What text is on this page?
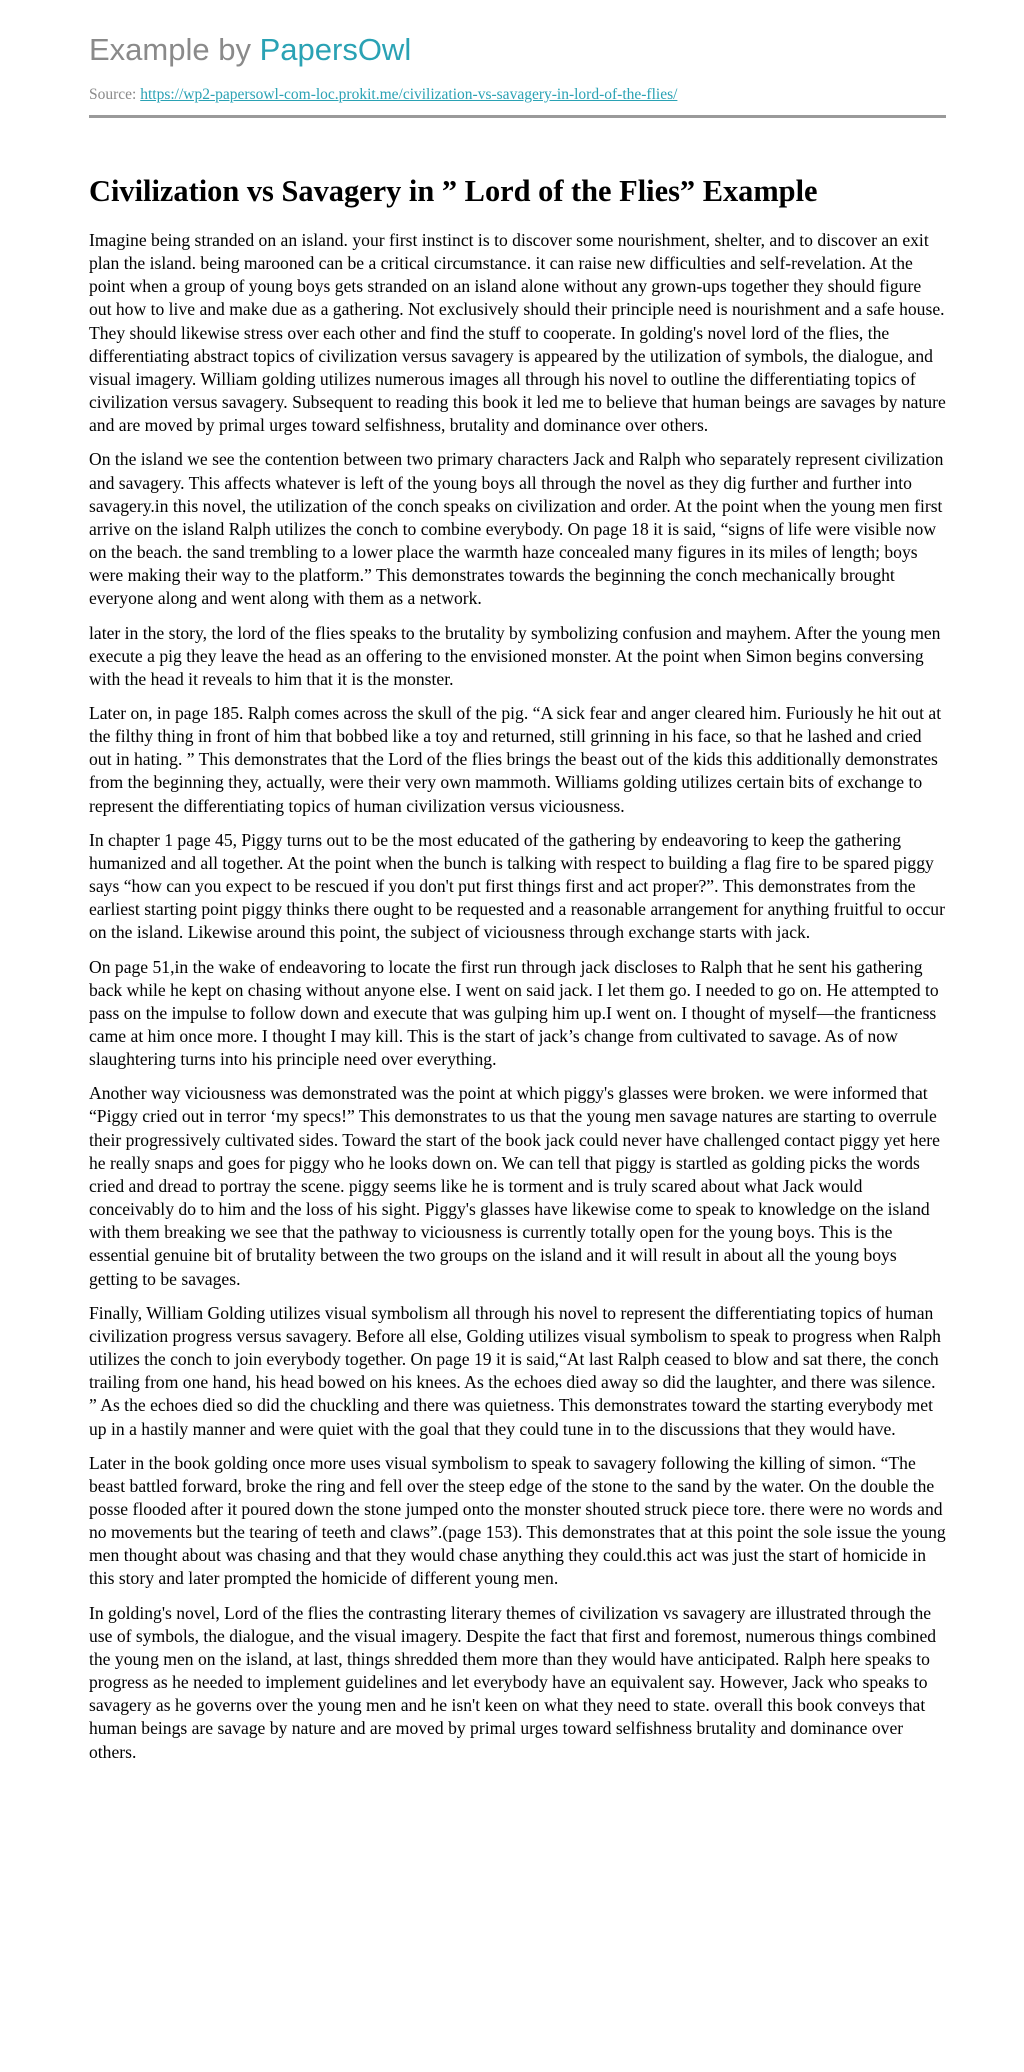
Example by PapersOwl
Source: https://wp2-papersowl-com-loc.prokit.me/civilization-vs-savagery-in-lord-of-the-flies/
Civilization vs Savagery in ” Lord of the Flies” Example

Imagine being stranded on an island. your first instinct is to discover some nourishment, shelter, and to discover an exit plan the island. being marooned can be a critical circumstance. it can raise new difficulties and self-revelation. At the point when a group of young boys gets stranded on an island alone without any grown-ups together they should figure out how to live and make due as a gathering. Not exclusively should their principle need is nourishment and a safe house. They should likewise stress over each other and find the stuff to cooperate. In golding's novel lord of the flies, the differentiating abstract topics of civilization versus savagery is appeared by the utilization of symbols, the dialogue, and visual imagery. William golding utilizes numerous images all through his novel to outline the differentiating topics of civilization versus savagery. Subsequent to reading this book it led me to believe that human beings are savages by nature and are moved by primal urges toward selfishness, brutality and dominance over others.

On the island we see the contention between two primary characters Jack and Ralph who separately represent civilization and savagery. This affects whatever is left of the young boys all through the novel as they dig further and further into savagery.in this novel, the utilization of the conch speaks on civilization and order. At the point when the young men first arrive on the island Ralph utilizes the conch to combine everybody. On page 18 it is said, “signs of life were visible now on the beach. the sand trembling to a lower place the warmth haze concealed many figures in its miles of length; boys were making their way to the platform.” This demonstrates towards the beginning the conch mechanically brought everyone along and went along with them as a network.

later in the story, the lord of the flies speaks to the brutality by symbolizing confusion and mayhem. After the young men execute a pig they leave the head as an offering to the envisioned monster. At the point when Simon begins conversing with the head it reveals to him that it is the monster.

Later on, in page 185. Ralph comes across the skull of the pig. “A sick fear and anger cleared him. Furiously he hit out at the filthy thing in front of him that bobbed like a toy and returned, still grinning in his face, so that he lashed and cried out in hating. ” This demonstrates that the Lord of the flies brings the beast out of the kids this additionally demonstrates from the beginning they, actually, were their very own mammoth. Williams golding utilizes certain bits of exchange to represent the differentiating topics of human civilization versus viciousness.

In chapter 1 page 45, Piggy turns out to be the most educated of the gathering by endeavoring to keep the gathering humanized and all together. At the point when the bunch is talking with respect to building a flag fire to be spared piggy says “how can you expect to be rescued if you don't put first things first and act proper?”. This demonstrates from the earliest starting point piggy thinks there ought to be requested and a reasonable arrangement for anything fruitful to occur on the island. Likewise around this point, the subject of viciousness through exchange starts with jack.

On page 51,in the wake of endeavoring to locate the first run through jack discloses to Ralph that he sent his gathering back while he kept on chasing without anyone else. I went on said jack. I let them go. I needed to go on. He attempted to pass on the impulse to follow down and execute that was gulping him up.I went on. I thought of myself—the franticness came at him once more. I thought I may kill. This is the start of jack’s change from cultivated to savage. As of now slaughtering turns into his principle need over everything.

Another way viciousness was demonstrated was the point at which piggy's glasses were broken. we were informed that “Piggy cried out in terror ‘my specs!” This demonstrates to us that the young men savage natures are starting to overrule their progressively cultivated sides. Toward the start of the book jack could never have challenged contact piggy yet here he really snaps and goes for piggy who he looks down on. We can tell that piggy is startled as golding picks the words cried and dread to portray the scene. piggy seems like he is torment and is truly scared about what Jack would conceivably do to him and the loss of his sight. Piggy's glasses have likewise come to speak to knowledge on the island with them breaking we see that the pathway to viciousness is currently totally open for the young boys. This is the essential genuine bit of brutality between the two groups on the island and it will result in about all the young boys getting to be savages.

Finally, William Golding utilizes visual symbolism all through his novel to represent the differentiating topics of human civilization progress versus savagery. Before all else, Golding utilizes visual symbolism to speak to progress when Ralph utilizes the conch to join everybody together. On page 19 it is said,“At last Ralph ceased to blow and sat there, the conch trailing from one hand, his head bowed on his knees. As the echoes died away so did the laughter, and there was silence. ” As the echoes died so did the chuckling and there was quietness. This demonstrates toward the starting everybody met up in a hastily manner and were quiet with the goal that they could tune in to the discussions that they would have.

Later in the book golding once more uses visual symbolism to speak to savagery following the killing of simon. “The beast battled forward, broke the ring and fell over the steep edge of the stone to the sand by the water. On the double the posse flooded after it poured down the stone jumped onto the monster shouted struck piece tore. there were no words and no movements but the tearing of teeth and claws”.(page 153). This demonstrates that at this point the sole issue the young men thought about was chasing and that they would chase anything they could.this act was just the start of homicide in this story and later prompted the homicide of different young men.

In golding's novel, Lord of the flies the contrasting literary themes of civilization vs savagery are illustrated through the use of symbols, the dialogue, and the visual imagery. Despite the fact that first and foremost, numerous things combined the young men on the island, at last, things shredded them more than they would have anticipated. Ralph here speaks to progress as he needed to implement guidelines and let everybody have an equivalent say. However, Jack who speaks to savagery as he governs over the young men and he isn't keen on what they need to state. overall this book conveys that human beings are savage by nature and are moved by primal urges toward selfishness brutality and dominance over others.
